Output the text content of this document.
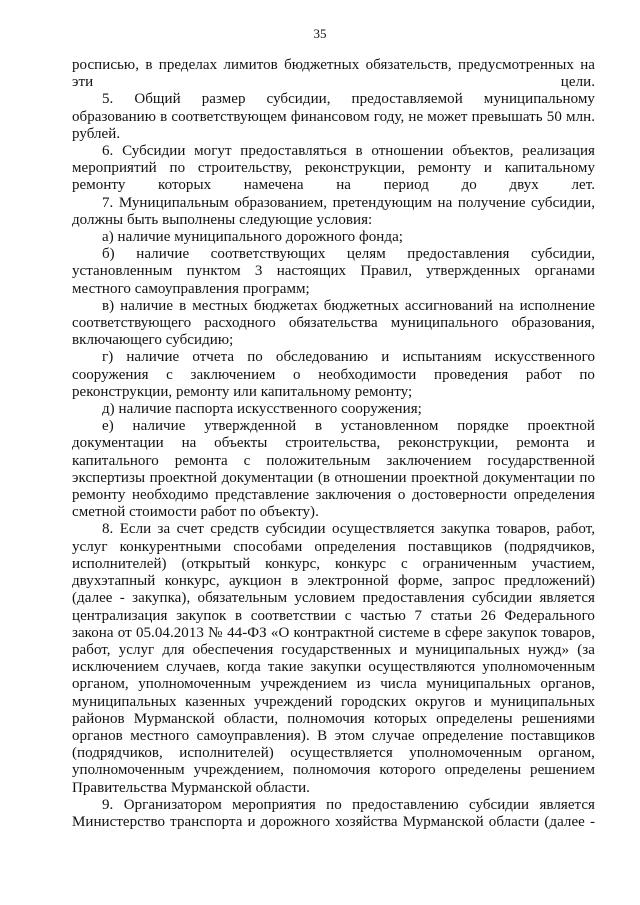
35

росписью, в пределах лимитов бюджетных обязательств, предусмотренных на эти цели.

5. Общий размер субсидии, предоставляемой муниципальному образованию в соответствующем финансовом году, не может превышать 50 млн. рублей.

6. Субсидии могут предоставляться в отношении объектов, реализация мероприятий по строительству, реконструкции, ремонту и капитальному ремонту которых намечена на период до двух лет.

7. Муниципальным образованием, претендующим на получение субсидии, должны быть выполнены следующие условия:

а) наличие муниципального дорожного фонда;

б) наличие соответствующих целям предоставления субсидии, установленным пунктом 3 настоящих Правил, утвержденных органами местного самоуправления программ;

в) наличие в местных бюджетах бюджетных ассигнований на исполнение соответствующего расходного обязательства муниципального образования, включающего субсидию;

г) наличие отчета по обследованию и испытаниям искусственного сооружения с заключением о необходимости проведения работ по реконструкции, ремонту или капитальному ремонту;

д) наличие паспорта искусственного сооружения;

е) наличие утвержденной в установленном порядке проектной документации на объекты строительства, реконструкции, ремонта и капитального ремонта с положительным заключением государственной экспертизы проектной документации (в отношении проектной документации по ремонту необходимо представление заключения о достоверности определения сметной стоимости работ по объекту).

8. Если за счет средств субсидии осуществляется закупка товаров, работ, услуг конкурентными способами определения поставщиков (подрядчиков, исполнителей) (открытый конкурс, конкурс с ограниченным участием, двухэтапный конкурс, аукцион в электронной форме, запрос предложений) (далее - закупка), обязательным условием предоставления субсидии является централизация закупок в соответствии с частью 7 статьи 26 Федерального закона от 05.04.2013 № 44-ФЗ «О контрактной системе в сфере закупок товаров, работ, услуг для обеспечения государственных и муниципальных нужд» (за исключением случаев, когда такие закупки осуществляются уполномоченным органом, уполномоченным учреждением из числа муниципальных органов, муниципальных казенных учреждений городских округов и муниципальных районов Мурманской области, полномочия которых определены решениями органов местного самоуправления). В этом случае определение поставщиков (подрядчиков, исполнителей) осуществляется уполномоченным органом, уполномоченным учреждением, полномочия которого определены решением Правительства Мурманской области.

9. Организатором мероприятия по предоставлению субсидии является Министерство транспорта и дорожного хозяйства Мурманской области (далее -
